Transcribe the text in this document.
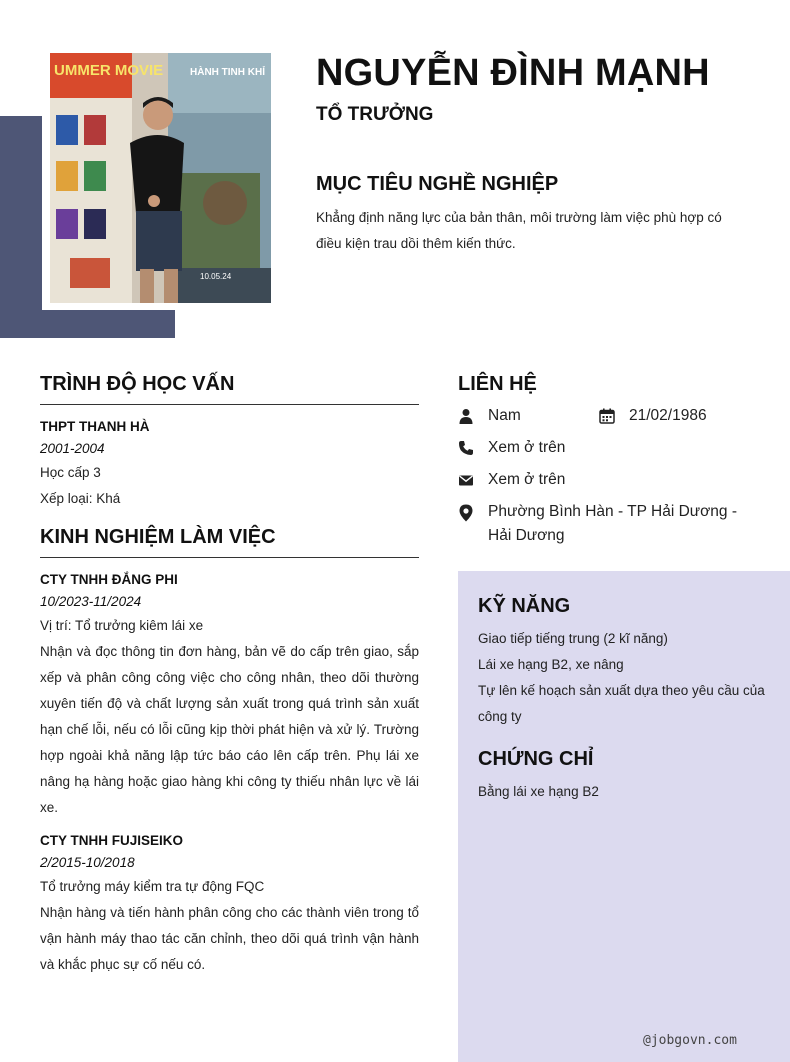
UMMER MOVIE	HÀNH TINH KHỈ
10.05.24
NGUYỄN ĐÌNH MẠNH
TỔ TRƯỞNG
MỤC TIÊU NGHỀ NGHIỆP
Khẳng định năng lực của bản thân, môi trường làm việc phù hợp có điều kiện trau dồi thêm kiến thức.
TRÌNH ĐỘ HỌC VẤN
THPT THANH HÀ
2001-2004
Học cấp 3
Xếp loại: Khá
KINH NGHIỆM LÀM VIỆC
CTY TNHH ĐẮNG PHI
10/2023-11/2024
Vị trí: Tổ trưởng kiêm lái xe
Nhận và đọc thông tin đơn hàng, bản vẽ do cấp trên giao, sắp xếp và phân công công việc cho công nhân, theo dõi thường xuyên tiến độ và chất lượng sản xuất trong quá trình sản xuất hạn chế lỗi, nếu có lỗi cũng kịp thời phát hiện và xử lý. Trường hợp ngoài khả năng lập tức báo cáo lên cấp trên. Phụ lái xe nâng hạ hàng hoặc giao hàng khi công ty thiếu nhân lực về lái xe.
CTY TNHH FUJISEIKO
2/2015-10/2018
Tổ trưởng máy kiểm tra tự động FQC
Nhận hàng và tiến hành phân công cho các thành viên trong tổ vận hành máy thao tác căn chỉnh, theo dõi quá trình vận hành và khắc phục sự cố nếu có.
LIÊN HỆ
Nam	21/02/1986
Xem ở trên
Xem ở trên
Phường Bình Hàn - TP Hải Dương - Hải Dương
KỸ NĂNG
Giao tiếp tiếng trung (2 kĩ năng)
Lái xe hạng B2, xe nâng
Tự lên kế hoạch sản xuất dựa theo yêu cầu của công ty
CHỨNG CHỈ
Bằng lái xe hạng B2
@jobgovn.com
